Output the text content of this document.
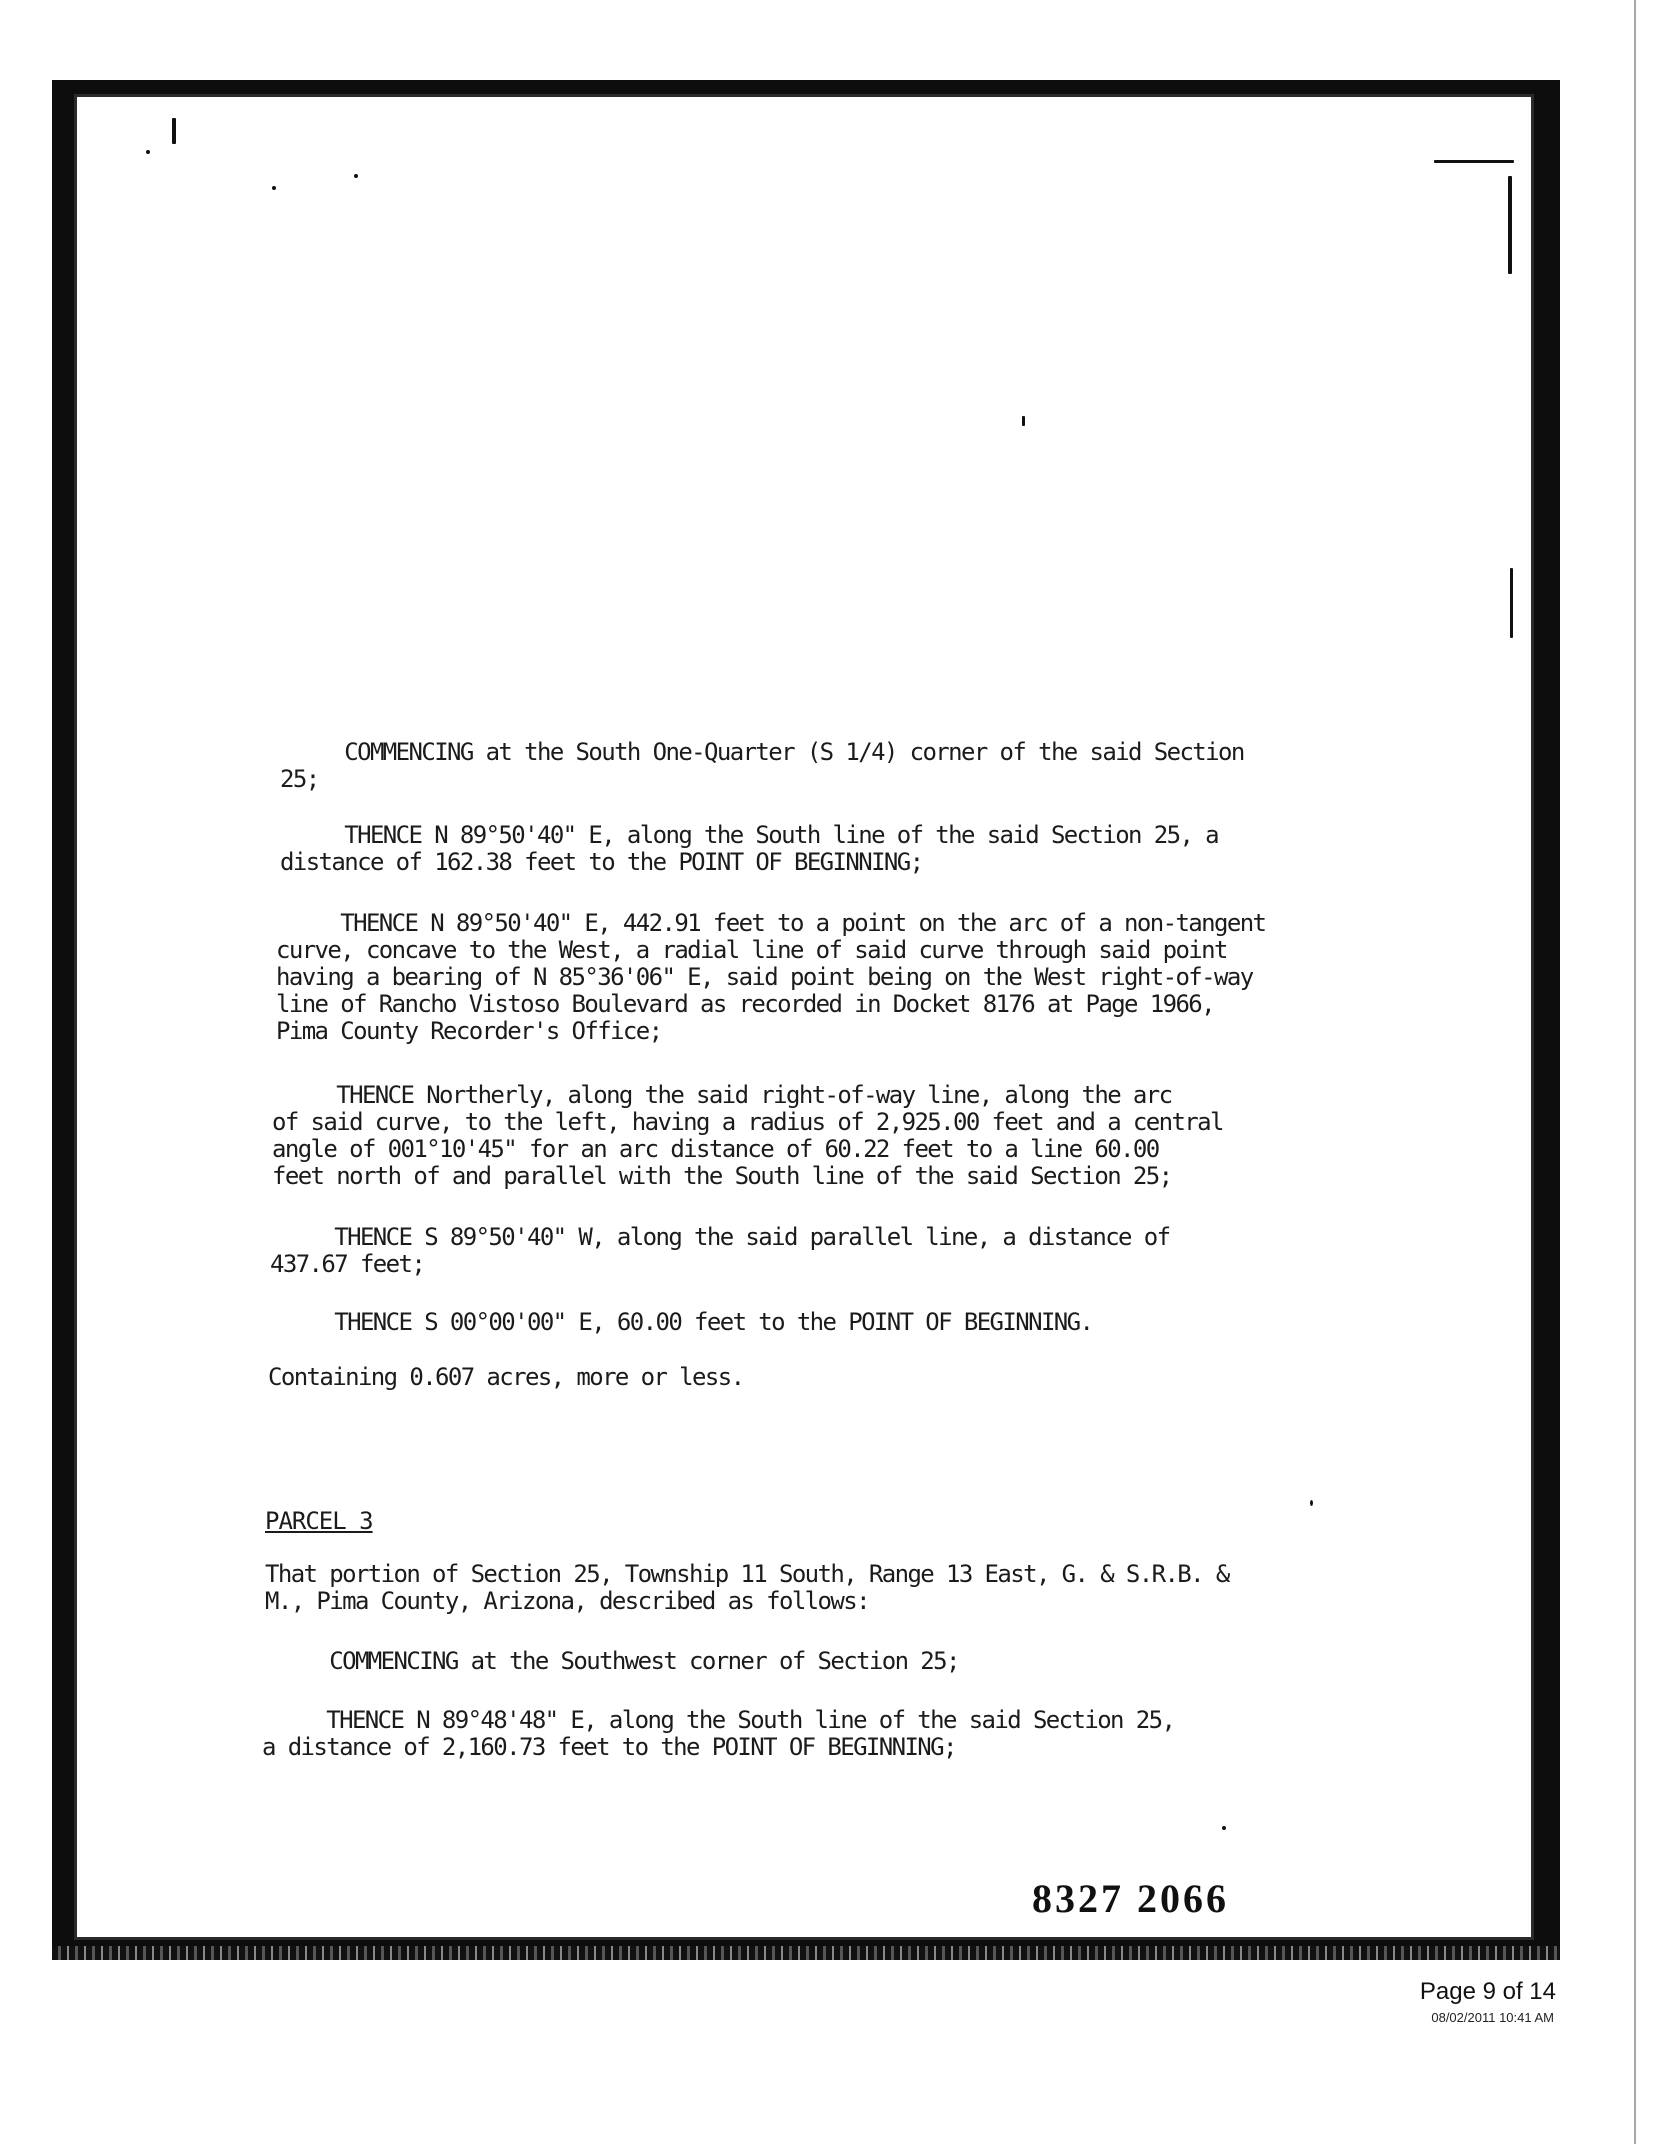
COMMENCING at the South One-Quarter (S 1/4) corner of the said Section
25;

THENCE N 89°50'40" E, along the South line of the said Section 25, a
distance of 162.38 feet to the POINT OF BEGINNING;

THENCE N 89°50'40" E, 442.91 feet to a point on the arc of a non-tangent
curve, concave to the West, a radial line of said curve through said point
having a bearing of N 85°36'06" E, said point being on the West right-of-way
line of Rancho Vistoso Boulevard as recorded in Docket 8176 at Page 1966,
Pima County Recorder's Office;

THENCE Northerly, along the said right-of-way line, along the arc
of said curve, to the left, having a radius of 2,925.00 feet and a central
angle of 001°10'45" for an arc distance of 60.22 feet to a line 60.00
feet north of and parallel with the South line of the said Section 25;

THENCE S 89°50'40" W, along the said parallel line, a distance of
437.67 feet;

THENCE S 00°00'00" E, 60.00 feet to the POINT OF BEGINNING.

Containing 0.607 acres, more or less.

PARCEL 3

That portion of Section 25, Township 11 South, Range 13 East, G. & S.R.B. &
M., Pima County, Arizona, described as follows:

COMMENCING at the Southwest corner of Section 25;

THENCE N 89°48'48" E, along the South line of the said Section 25,
a distance of 2,160.73 feet to the POINT OF BEGINNING;

8327 2066

Page 9 of 14

08/02/2011 10:41 AM
